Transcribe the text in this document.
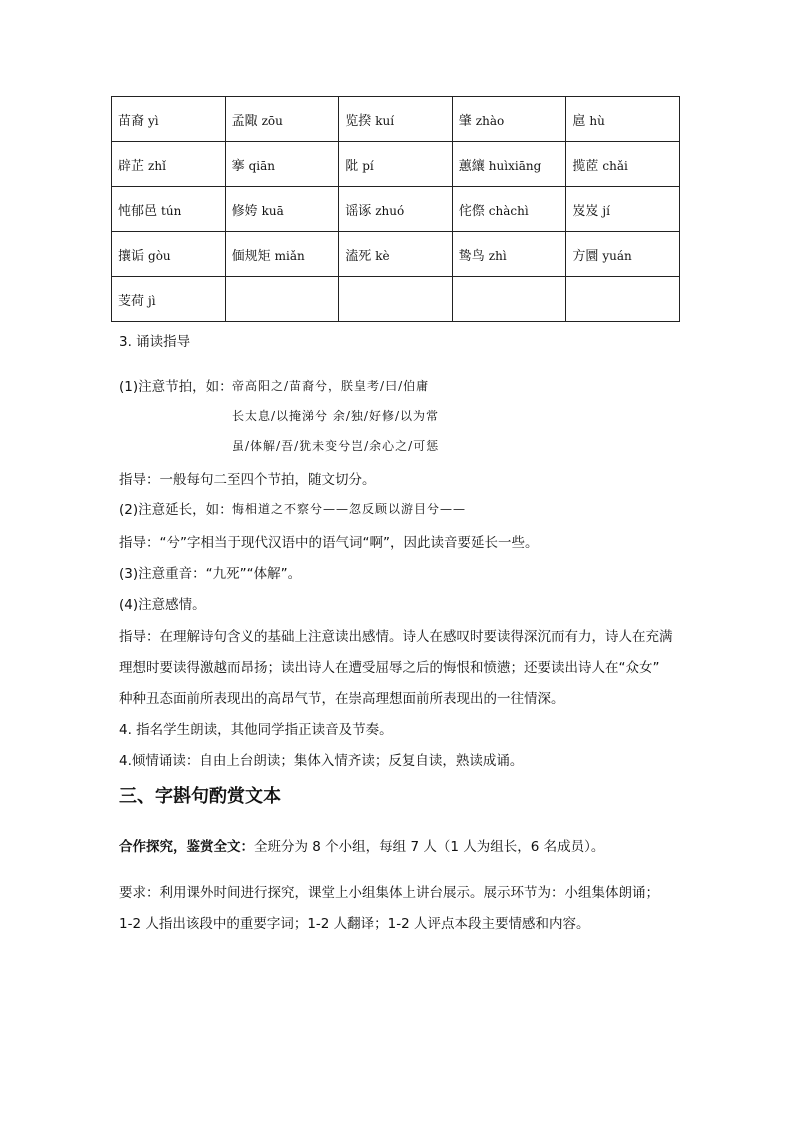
苗裔 yì	孟陬 zōu	览揆 kuí	肇 zhào	扈 hù
辟芷 zhǐ	搴 qiān	阰 pí	蕙纕 huìxiāng	揽茝 chǎi
忳郁邑 tún	修姱 kuā	谣诼 zhuó	侘傺 chàchì	岌岌 jí
攘诟 gòu	偭规矩 miǎn	溘死 kè	鸷鸟 zhì	方圜 yuán
芰荷 jì				
3. 诵读指导
(1)注意节拍，如： 帝高阳之/苗裔兮，朕皇考/曰/伯庸
长太息/以掩涕兮 余/独/好修/以为常
虽/体解/吾/犹未变兮岂/余心之/可惩
指导：一般每句二至四个节拍，随文切分。
(2)注意延长，如： 悔相道之不察兮——忽反顾以游目兮——
指导：“兮”字相当于现代汉语中的语气词“啊”，因此读音要延长一些。
(3)注意重音：“九死”“体解”。
(4)注意感情。
指导：在理解诗句含义的基础上注意读出感情。诗人在感叹时要读得深沉而有力，诗人在充满
理想时要读得激越而昂扬；读出诗人在遭受屈辱之后的悔恨和愤懑；还要读出诗人在“众女”
种种丑态面前所表现出的高昂气节，在崇高理想面前所表现出的一往情深。
4. 指名学生朗读，其他同学指正读音及节奏。
4.倾情诵读：自由上台朗读；集体入情齐读；反复自读，熟读成诵。
三、字斟句酌赏文本
合作探究，鉴赏全文：全班分为 8 个小组，每组 7 人（1 人为组长，6 名成员）。
要求：利用课外时间进行探究，课堂上小组集体上讲台展示。展示环节为：小组集体朗诵；
1-2 人指出该段中的重要字词；1-2 人翻译；1-2 人评点本段主要情感和内容。
